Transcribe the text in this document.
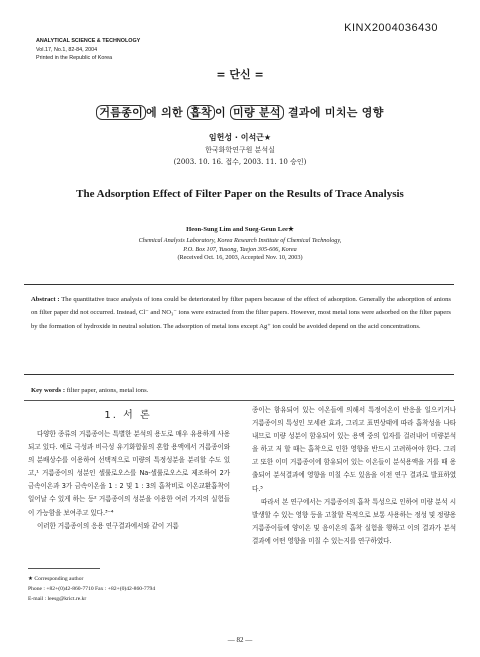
KINX2004036430
ANALYTICAL SCIENCE & TECHNOLOGY
Vol.17, No.1, 82-84, 2004
Printed in the Republic of Korea
= 단신 =
거름종이 에 의한 흡착 이 미량 분석 결과에 미치는 영향
임헌성 · 이석근★
한국화학연구원 분석실
(2003. 10. 16. 접수, 2003. 11. 10 승인)
The Adsorption Effect of Filter Paper on the Results of Trace Analysis
Heon-Sung Lim and Sueg-Geun Lee★
Chemical Analysis Laboratory, Korea Research Institute of Chemical Technology,
P.O. Box 107, Yusong, Taejon 305-606, Korea
(Received Oct. 16, 2003, Accepted Nov. 10, 2003)
Abstract : The quantitative trace analysis of ions could be deteriorated by filter papers because of the effect of adsorption. Generally the adsorption of anions on filter paper did not occurred. Instead, Cl⁻ and NO₃⁻ ions were extracted from the filter papers. However, most metal ions were adsorbed on the filter papers by the formation of hydroxide in neutral solution. The adsorption of metal ions except Ag⁺ ion could be avoided depend on the acid concentrations.
Key words : filter paper, anions, metal ions.
1. 서 론

다양한 종류의 거름종이는 특별한 분석의 용도로 매우 유용하게 사용되고 있다. 예로 극성과 비극성 유기화합물의 혼합 용액에서 거름종이와의 분배상수를 이용하여 선택적으로 미량의 특정성분을 분리할 수도 있고,¹ 거름종이의 성분인 셀룰로오스를 Na-셀룰로오스로 제조하여 2가 금속이온과 3가 금속이온을 1 : 2 및 1 : 3의 흡착비로 이온교환흡착이 일어날 수 있게 하는 등² 거름종이의 성분을 이용한 여러 가지의 실험들이 가능함을 보여주고 있다.³⁻⁴

이러한 거름종이의 응용 연구결과에서와 같이 거름

종이는 함유되어 있는 이온들에 의해서 특정이온이 반응을 일으키거나 거름종이의 특성인 모세관 효과, 그리고 표면상태에 따라 흡착성을 나타내므로 미량 성분이 함유되어 있는 용액 중의 입자를 걸러내어 미량분석을 하고 저 할 때는 흡착으로 인한 영향을 반드시 고려하여야 한다. 그리고 또한 이미 거름종이에 함유되어 있는 이온들이 분석용액을 거를 때 용출되어 분석결과에 영향을 미칠 수도 있음을 이전 연구 결과로 발표하였다.⁵

따라서 본 연구에서는 거름종이의 흡착 특성으로 인하여 미량 분석 시 발생할 수 있는 영향 등을 고찰할 목적으로 보통 사용하는 정성 및 정량용 거름종이들에 양이온 및 음이온의 흡착 실험을 행하고 이의 결과가 분석결과에 어떤 영향을 미칠 수 있는지를 연구하였다.

★ Corresponding author
Phone : +82+(0)42-860-7710 Fax : +82+(0)42-860-7794
E-mail : leesg@krict.re.kr
— 82 —
